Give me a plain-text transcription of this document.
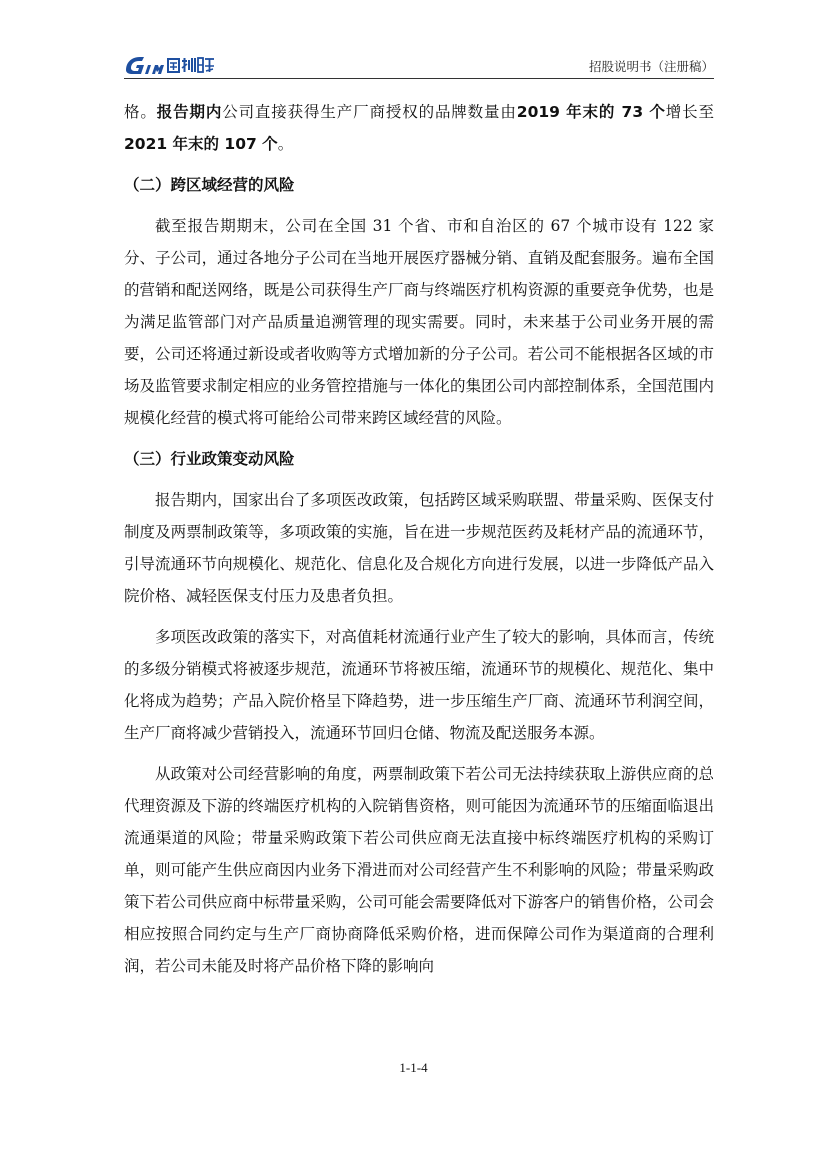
招股说明书（注册稿）

格。报告期内公司直接获得生产厂商授权的品牌数量由2019 年末的 73 个增长至2021 年末的 107 个。

（二）跨区域经营的风险

截至报告期期末，公司在全国 31 个省、市和自治区的 67 个城市设有 122 家分、子公司，通过各地分子公司在当地开展医疗器械分销、直销及配套服务。遍布全国的营销和配送网络，既是公司获得生产厂商与终端医疗机构资源的重要竞争优势，也是为满足监管部门对产品质量追溯管理的现实需要。同时，未来基于公司业务开展的需要，公司还将通过新设或者收购等方式增加新的分子公司。若公司不能根据各区域的市场及监管要求制定相应的业务管控措施与一体化的集团公司内部控制体系，全国范围内规模化经营的模式将可能给公司带来跨区域经营的风险。

（三）行业政策变动风险

报告期内，国家出台了多项医改政策，包括跨区域采购联盟、带量采购、医保支付制度及两票制政策等，多项政策的实施，旨在进一步规范医药及耗材产品的流通环节，引导流通环节向规模化、规范化、信息化及合规化方向进行发展，以进一步降低产品入院价格、减轻医保支付压力及患者负担。

多项医改政策的落实下，对高值耗材流通行业产生了较大的影响，具体而言，传统的多级分销模式将被逐步规范，流通环节将被压缩，流通环节的规模化、规范化、集中化将成为趋势；产品入院价格呈下降趋势，进一步压缩生产厂商、流通环节利润空间，生产厂商将减少营销投入，流通环节回归仓储、物流及配送服务本源。

从政策对公司经营影响的角度，两票制政策下若公司无法持续获取上游供应商的总代理资源及下游的终端医疗机构的入院销售资格，则可能因为流通环节的压缩面临退出流通渠道的风险；带量采购政策下若公司供应商无法直接中标终端医疗机构的采购订单，则可能产生供应商因内业务下滑进而对公司经营产生不利影响的风险；带量采购政策下若公司供应商中标带量采购，公司可能会需要降低对下游客户的销售价格，公司会相应按照合同约定与生产厂商协商降低采购价格，进而保障公司作为渠道商的合理利润，若公司未能及时将产品价格下降的影响向

1-1-4
